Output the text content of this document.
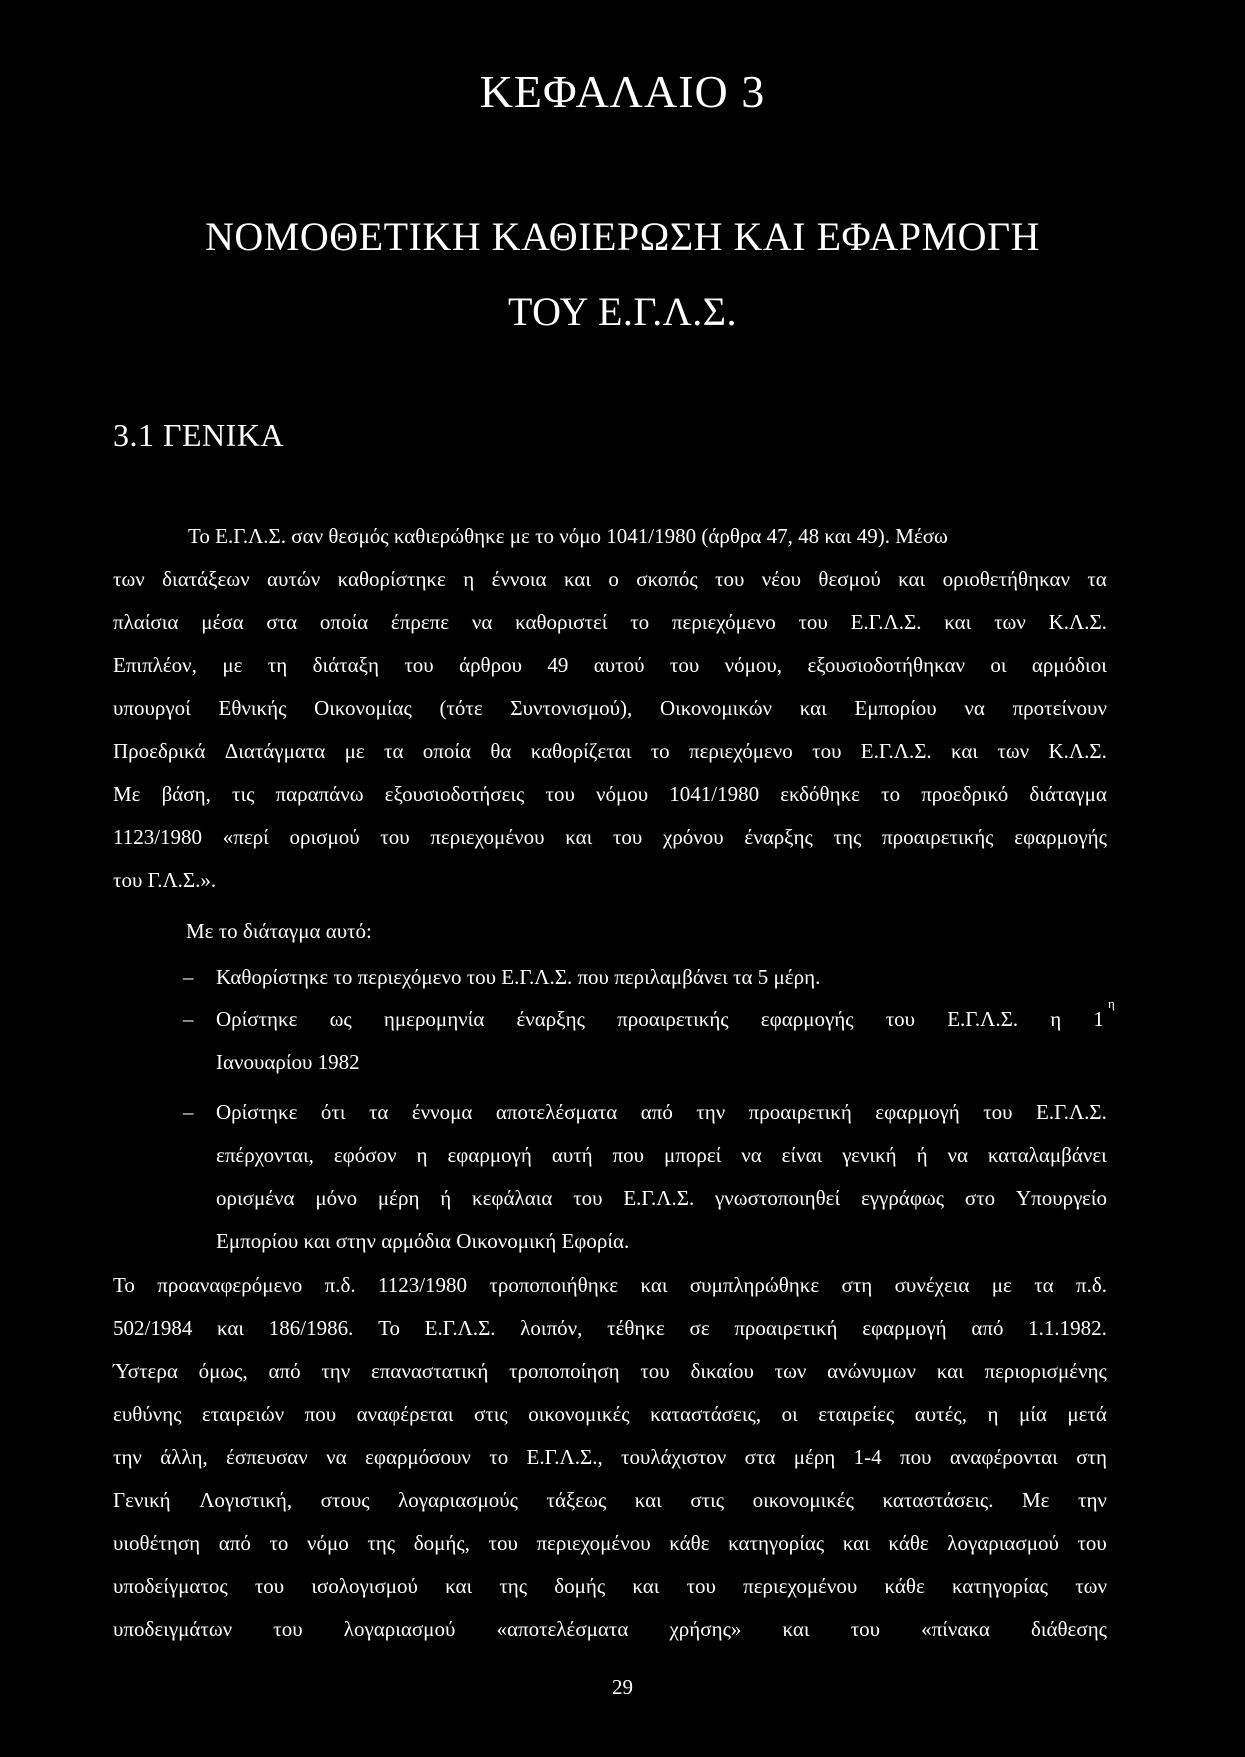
ΚΕΦΑΛΑΙΟ 3
ΝΟΜΟΘΕΤΙΚΗ ΚΑΘΙΕΡΩΣΗ ΚΑΙ ΕΦΑΡΜΟΓΗ
ΤΟΥ Ε.Γ.Λ.Σ.
3.1 ΓΕΝΙΚΑ
Το Ε.Γ.Λ.Σ. σαν θεσμός καθιερώθηκε με το νόμο 1041/1980 (άρθρα 47, 48 και 49). Μέσω
των διατάξεων αυτών καθορίστηκε η έννοια και ο σκοπός του νέου θεσμού και οριοθετήθηκαν τα
πλαίσια μέσα στα οποία έπρεπε να καθοριστεί το περιεχόμενο του Ε.Γ.Λ.Σ. και των Κ.Λ.Σ.
Επιπλέον, με τη διάταξη του άρθρου 49 αυτού του νόμου, εξουσιοδοτήθηκαν οι αρμόδιοι
υπουργοί Εθνικής Οικονομίας (τότε Συντονισμού), Οικονομικών και Εμπορίου να προτείνουν
Προεδρικά Διατάγματα με τα οποία θα καθορίζεται το περιεχόμενο του Ε.Γ.Λ.Σ. και των Κ.Λ.Σ.
Με βάση, τις παραπάνω εξουσιοδοτήσεις του νόμου 1041/1980 εκδόθηκε το προεδρικό διάταγμα
1123/1980 «περί ορισμού του περιεχομένου και του χρόνου έναρξης της προαιρετικής εφαρμογής
του Γ.Λ.Σ.».
Με το διάταγμα αυτό:
– Καθορίστηκε το περιεχόμενο του Ε.Γ.Λ.Σ. που περιλαμβάνει τα 5 μέρη.
– Ορίστηκε ως ημερομηνία έναρξης προαιρετικής εφαρμογής του Ε.Γ.Λ.Σ. η 1
η
Ιανουαρίου 1982
– Ορίστηκε ότι τα έννομα αποτελέσματα από την προαιρετική εφαρμογή του Ε.Γ.Λ.Σ.
επέρχονται, εφόσον η εφαρμογή αυτή που μπορεί να είναι γενική ή να καταλαμβάνει
ορισμένα μόνο μέρη ή κεφάλαια του Ε.Γ.Λ.Σ. γνωστοποιηθεί εγγράφως στο Υπουργείο
Εμπορίου και στην αρμόδια Οικονομική Εφορία.
Το προαναφερόμενο π.δ. 1123/1980 τροποποιήθηκε και συμπληρώθηκε στη συνέχεια με τα π.δ.
502/1984 και 186/1986. Το Ε.Γ.Λ.Σ. λοιπόν, τέθηκε σε προαιρετική εφαρμογή από 1.1.1982.
Ύστερα όμως, από την επαναστατική τροποποίηση του δικαίου των ανώνυμων και περιορισμένης
ευθύνης εταιρειών που αναφέρεται στις οικονομικές καταστάσεις, οι εταιρείες αυτές, η μία μετά
την άλλη, έσπευσαν να εφαρμόσουν το Ε.Γ.Λ.Σ., τουλάχιστον στα μέρη 1-4 που αναφέρονται στη
Γενική Λογιστική, στους λογαριασμούς τάξεως και στις οικονομικές καταστάσεις. Με την
υιοθέτηση από το νόμο της δομής, του περιεχομένου κάθε κατηγορίας και κάθε λογαριασμού του
υποδείγματος του ισολογισμού και της δομής και του περιεχομένου κάθε κατηγορίας των
υποδειγμάτων του λογαριασμού «αποτελέσματα χρήσης» και του «πίνακα διάθεσης
29
